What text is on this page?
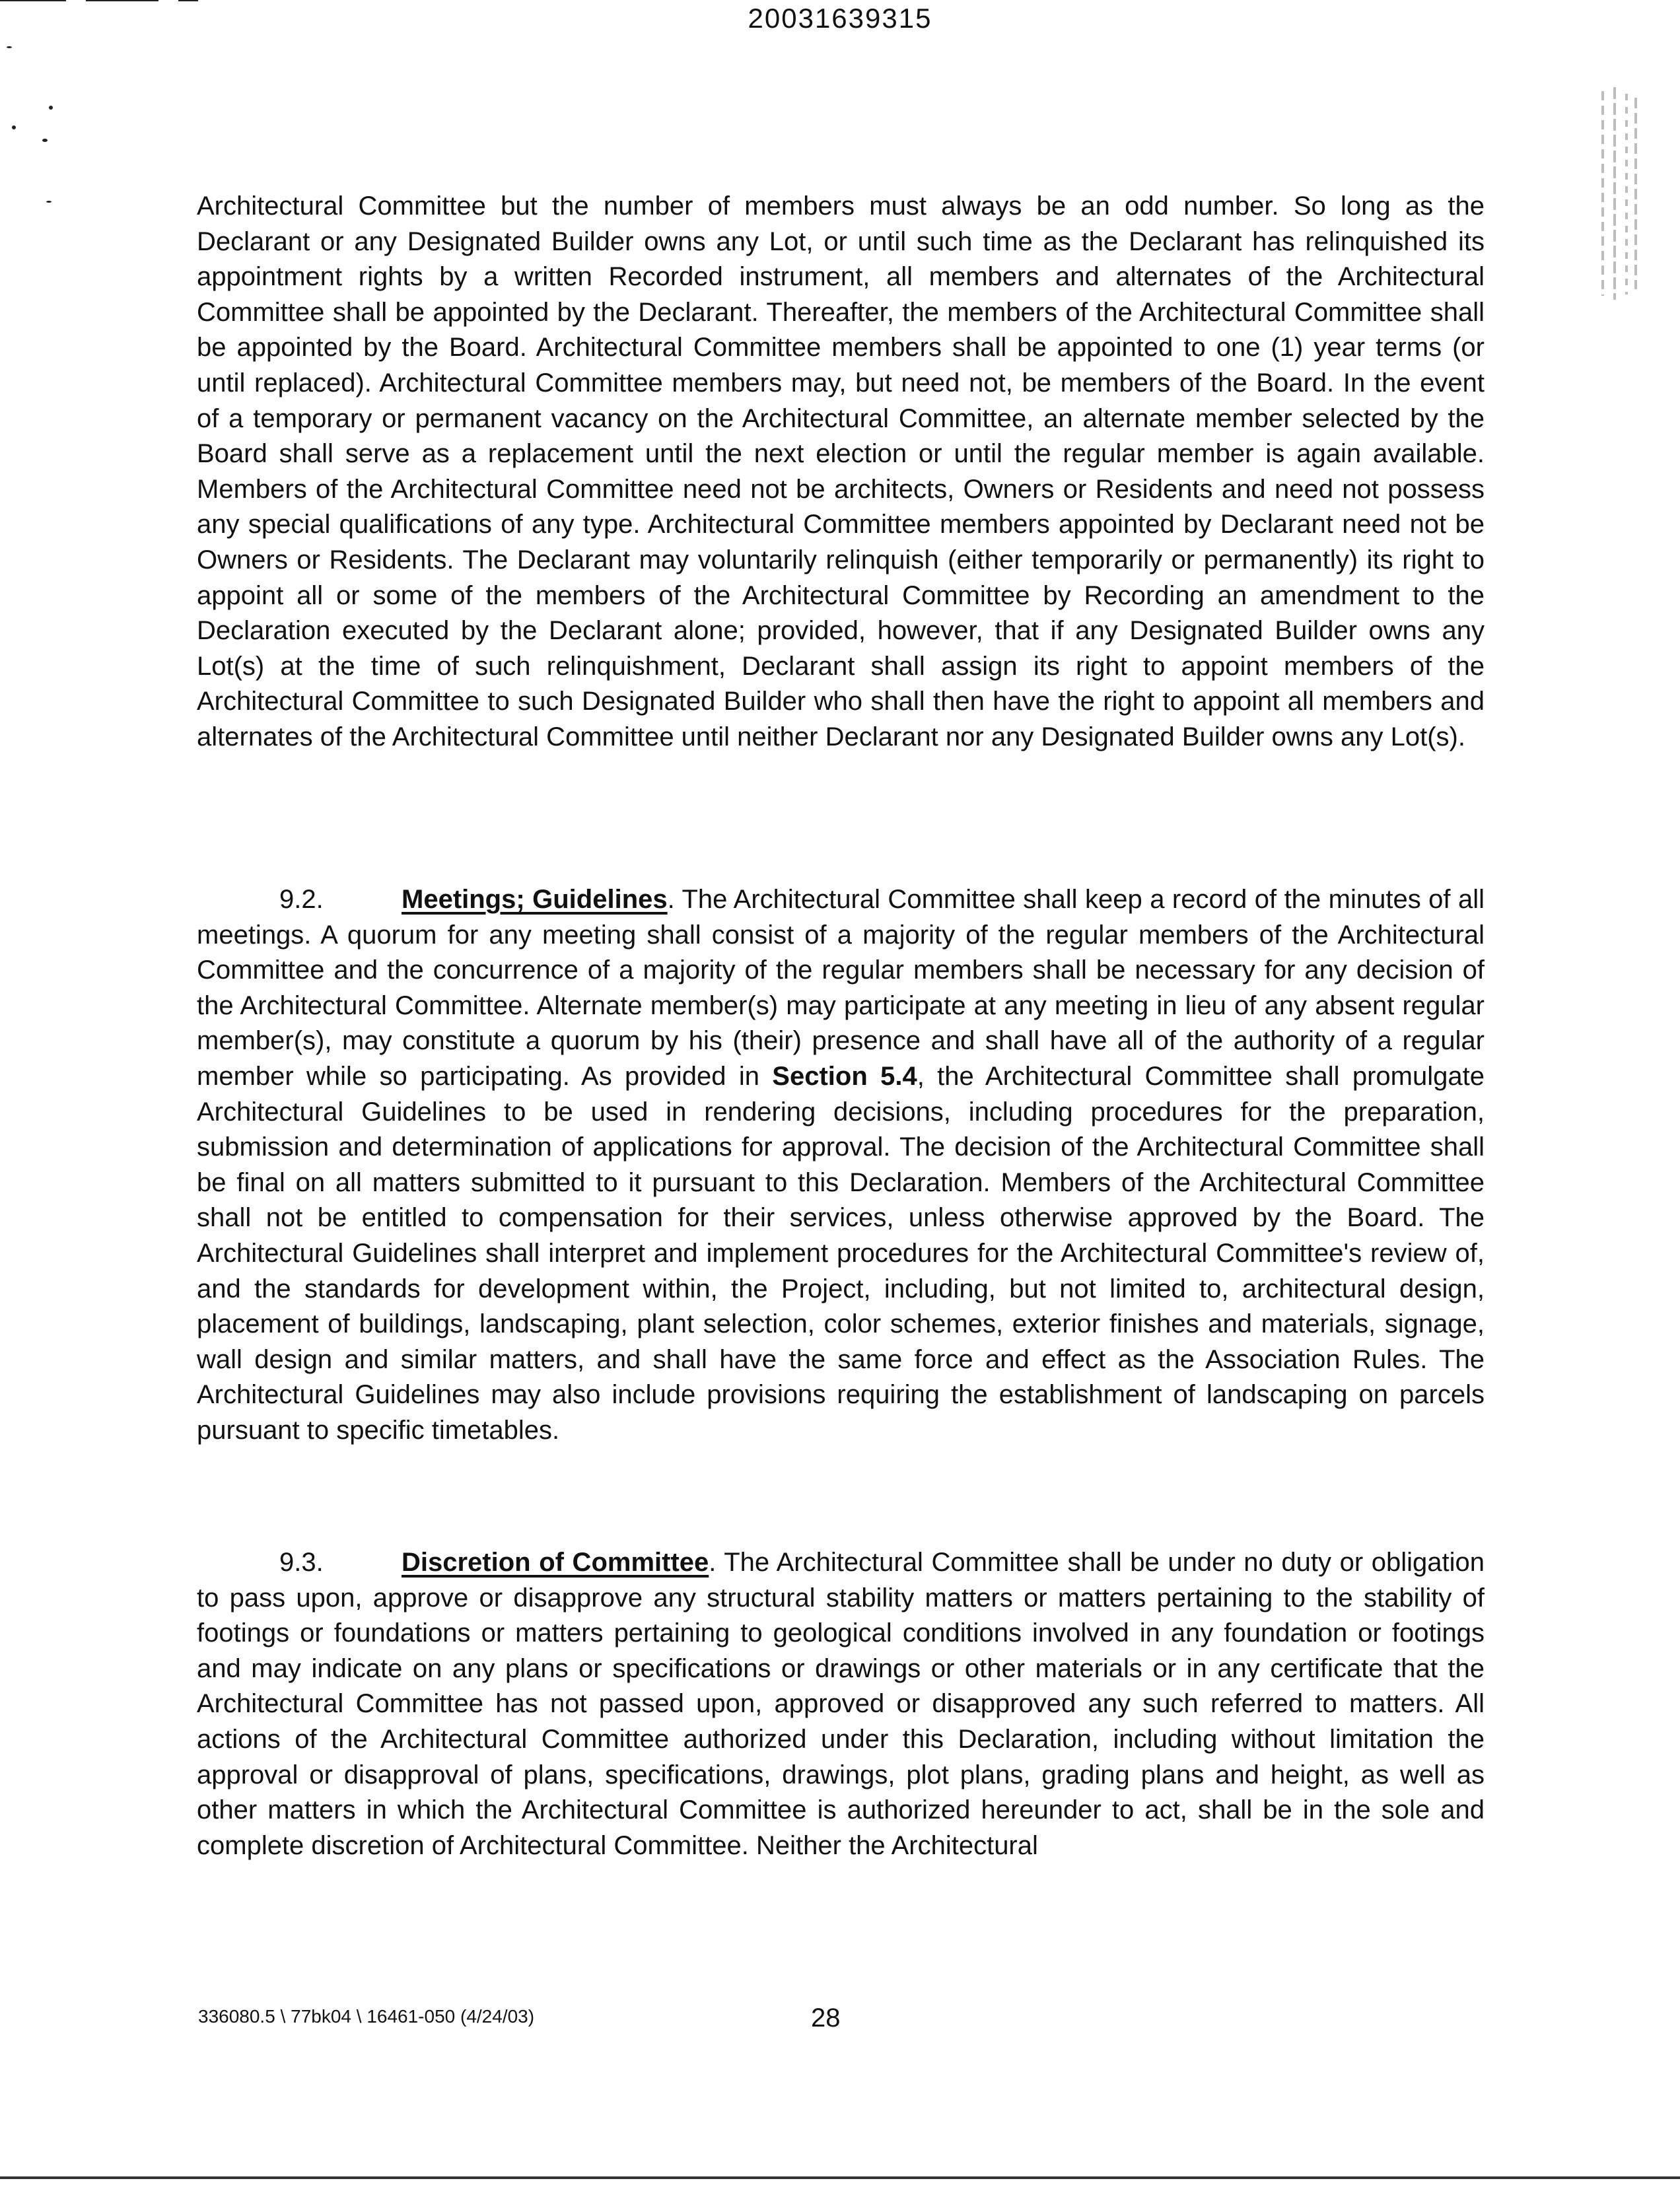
20031639315

Architectural Committee but the number of members must always be an odd number. So long as the Declarant or any Designated Builder owns any Lot, or until such time as the Declarant has relinquished its appointment rights by a written Recorded instrument, all members and alternates of the Architectural Committee shall be appointed by the Declarant. Thereafter, the members of the Architectural Committee shall be appointed by the Board. Architectural Committee members shall be appointed to one (1) year terms (or until replaced). Architectural Committee members may, but need not, be members of the Board. In the event of a temporary or permanent vacancy on the Architectural Committee, an alternate member selected by the Board shall serve as a replacement until the next election or until the regular member is again available. Members of the Architectural Committee need not be architects, Owners or Residents and need not possess any special qualifications of any type. Architectural Committee members appointed by Declarant need not be Owners or Residents. The Declarant may voluntarily relinquish (either temporarily or permanently) its right to appoint all or some of the members of the Architectural Committee by Recording an amendment to the Declaration executed by the Declarant alone; provided, however, that if any Designated Builder owns any Lot(s) at the time of such relinquishment, Declarant shall assign its right to appoint members of the Architectural Committee to such Designated Builder who shall then have the right to appoint all members and alternates of the Architectural Committee until neither Declarant nor any Designated Builder owns any Lot(s).

9.2.	Meetings; Guidelines. The Architectural Committee shall keep a record of the minutes of all meetings. A quorum for any meeting shall consist of a majority of the regular members of the Architectural Committee and the concurrence of a majority of the regular members shall be necessary for any decision of the Architectural Committee. Alternate member(s) may participate at any meeting in lieu of any absent regular member(s), may constitute a quorum by his (their) presence and shall have all of the authority of a regular member while so participating. As provided in Section 5.4, the Architectural Committee shall promulgate Architectural Guidelines to be used in rendering decisions, including procedures for the preparation, submission and determination of applications for approval. The decision of the Architectural Committee shall be final on all matters submitted to it pursuant to this Declaration. Members of the Architectural Committee shall not be entitled to compensation for their services, unless otherwise approved by the Board. The Architectural Guidelines shall interpret and implement procedures for the Architectural Committee's review of, and the standards for development within, the Project, including, but not limited to, architectural design, placement of buildings, landscaping, plant selection, color schemes, exterior finishes and materials, signage, wall design and similar matters, and shall have the same force and effect as the Association Rules. The Architectural Guidelines may also include provisions requiring the establishment of landscaping on parcels pursuant to specific timetables.

9.3.	Discretion of Committee. The Architectural Committee shall be under no duty or obligation to pass upon, approve or disapprove any structural stability matters or matters pertaining to the stability of footings or foundations or matters pertaining to geological conditions involved in any foundation or footings and may indicate on any plans or specifications or drawings or other materials or in any certificate that the Architectural Committee has not passed upon, approved or disapproved any such referred to matters. All actions of the Architectural Committee authorized under this Declaration, including without limitation the approval or disapproval of plans, specifications, drawings, plot plans, grading plans and height, as well as other matters in which the Architectural Committee is authorized hereunder to act, shall be in the sole and complete discretion of Architectural Committee. Neither the Architectural

336080.5 \ 77bk04 \ 16461-050 (4/24/03)	28
